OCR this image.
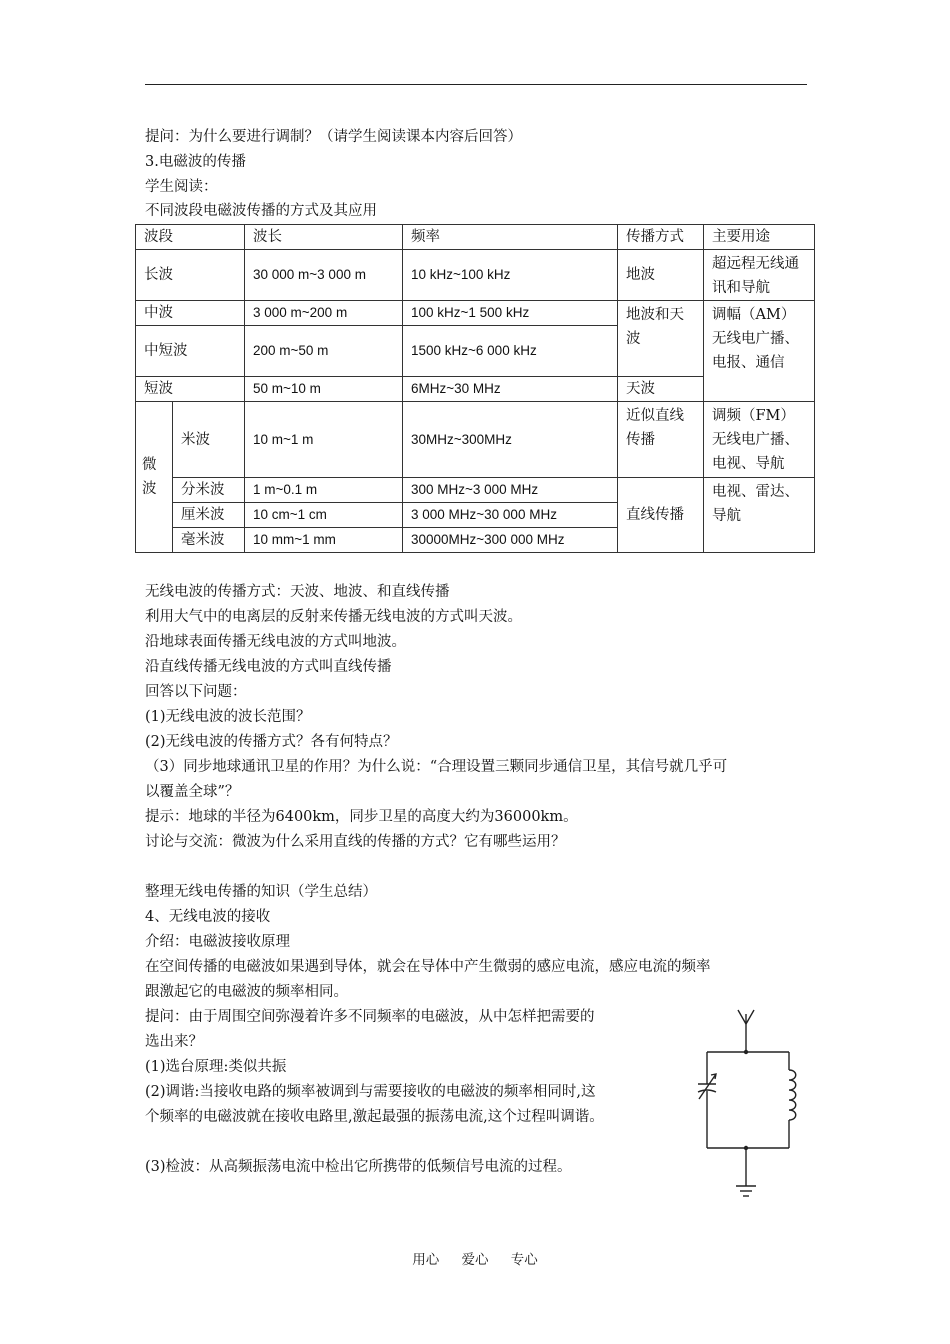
提问：为什么要进行调制？（请学生阅读课本内容后回答）
3.电磁波的传播
学生阅读：
不同波段电磁波传播的方式及其应用
波段		波长	频率	传播方式	主要用途
长波		30 000 m~3 000 m	10 kHz~100 kHz	地波	超远程无线通讯和导航
中波		3 000 m~200 m	100 kHz~1 500 kHz	地波和天波	调幅（AM）无线电广播、电报、通信
中短波		200 m~50 m	1500 kHz~6 000 kHz		
短波		50 m~10 m	6MHz~30 MHz	天波	
微波	米波	10 m~1 m	30MHz~300MHz	近似直线传播	调频（FM）无线电广播、电视、导航
	分米波	1 m~0.1 m	300 MHz~3 000 MHz	直线传播	电视、雷达、导航
	厘米波	10 cm~1 cm	3 000 MHz~30 000 MHz		
	毫米波	10 mm~1 mm	30000MHz~300 000 MHz		
无线电波的传播方式：天波、地波、和直线传播
利用大气中的电离层的反射来传播无线电波的方式叫天波。
沿地球表面传播无线电波的方式叫地波。
沿直线传播无线电波的方式叫直线传播
回答以下问题：
(1)无线电波的波长范围？
(2)无线电波的传播方式？各有何特点？
（3）同步地球通讯卫星的作用？为什么说：“合理设置三颗同步通信卫星，其信号就几乎可
以覆盖全球”？
提示：地球的半径为6400km，同步卫星的高度大约为36000km。
讨论与交流：微波为什么采用直线的传播的方式？它有哪些运用？
整理无线电传播的知识（学生总结）
4、无线电波的接收
介绍：电磁波接收原理
在空间传播的电磁波如果遇到导体，就会在导体中产生微弱的感应电流，感应电流的频率
跟激起它的电磁波的频率相同。
提问：由于周围空间弥漫着许多不同频率的电磁波，从中怎样把需要的
选出来？
(1)选台原理:类似共振
(2)调谐:当接收电路的频率被调到与需要接收的电磁波的频率相同时,这
个频率的电磁波就在接收电路里,激起最强的振荡电流,这个过程叫调谐。
(3)检波：从高频振荡电流中检出它所携带的低频信号电流的过程。
用心 爱心 专心
